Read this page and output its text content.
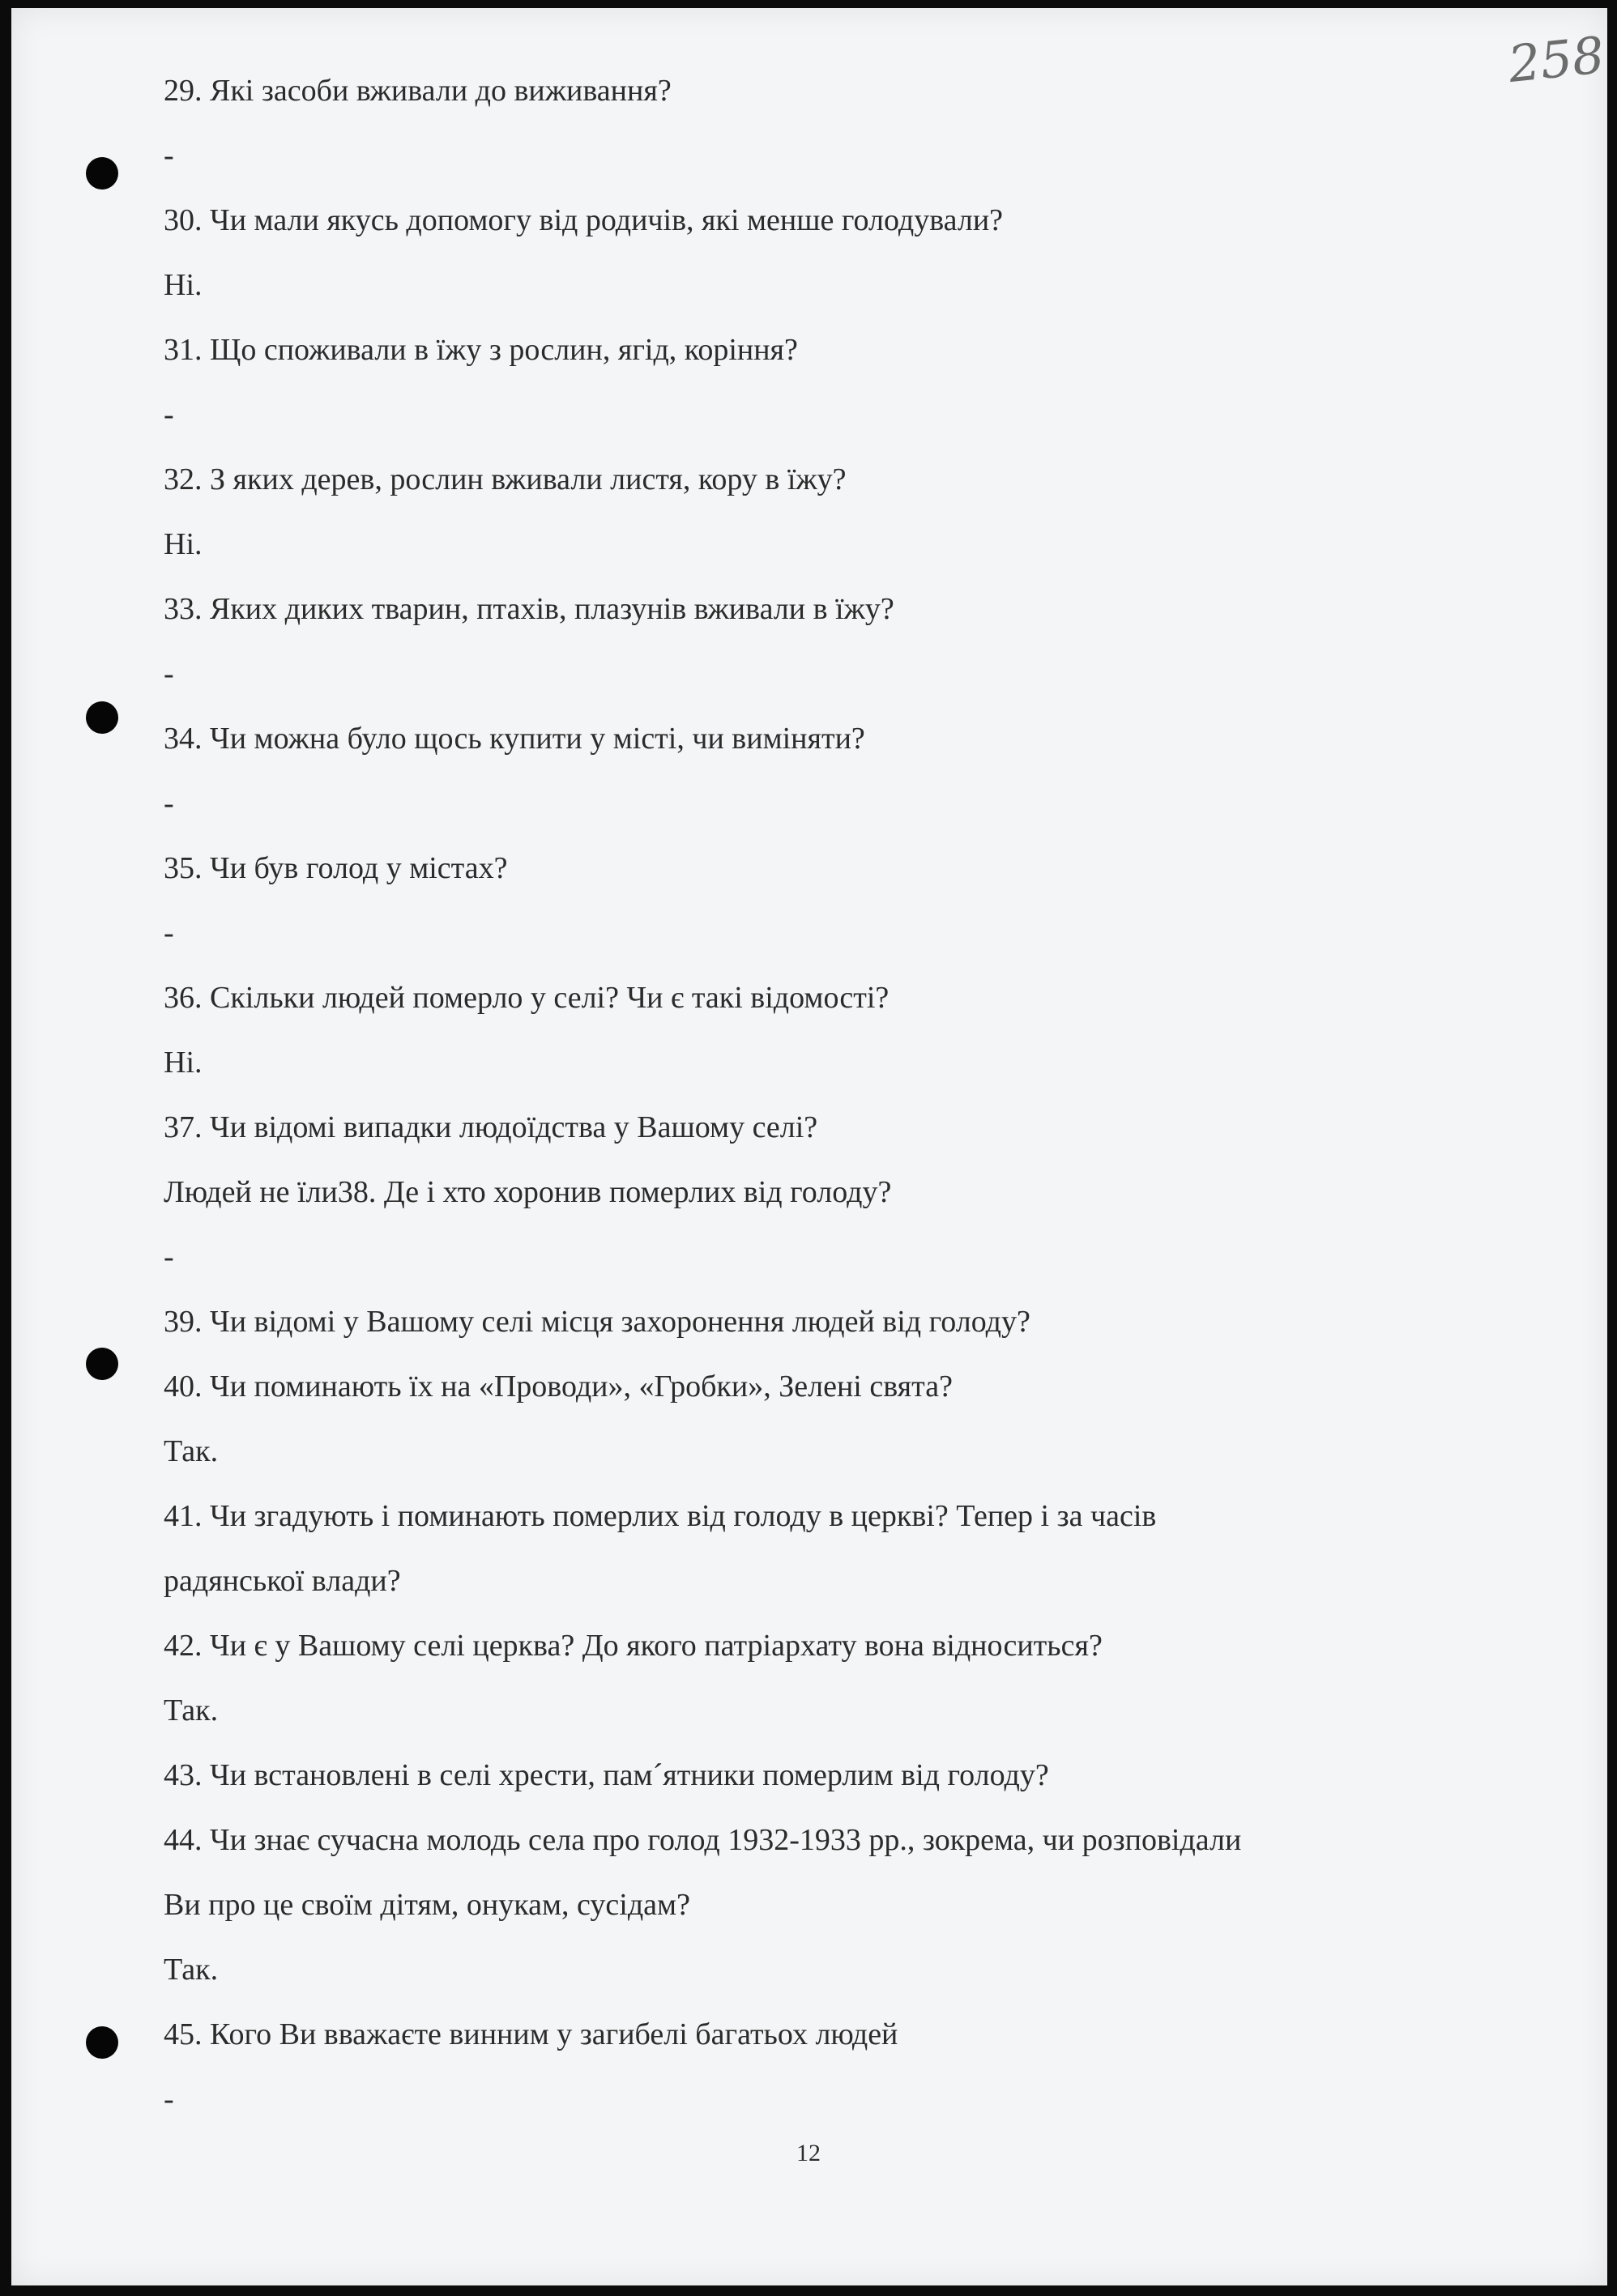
258
29. Які засоби вживали до виживання?
-
30. Чи мали якусь допомогу від родичів, які менше голодували?
Ні.
31. Що споживали в їжу з рослин, ягід, коріння?
-
32. З яких дерев, рослин вживали листя, кору в їжу?
Ні.
33. Яких диких тварин, птахів, плазунів вживали в їжу?
-
34. Чи можна було щось купити у місті, чи виміняти?
-
35. Чи був голод у містах?
-
36. Скільки людей померло у селі? Чи є такі відомості?
Ні.
37. Чи відомі випадки людоїдства у Вашому селі?
Людей не їли38. Де і хто хоронив померлих від голоду?
-
39. Чи відомі у Вашому селі місця захоронення людей від голоду?
40. Чи поминають їх на «Проводи», «Гробки», Зелені свята?
Так.
41. Чи згадують і поминають померлих від голоду в церкві? Тепер і за часів
радянської влади?
42. Чи є у Вашому селі церква? До якого патріархату вона відноситься?
Так.
43. Чи встановлені в селі хрести, пам´ятники померлим від голоду?
44. Чи знає сучасна молодь села про голод 1932-1933 рр., зокрема, чи розповідали
Ви про це своїм дітям, онукам, сусідам?
Так.
45. Кого Ви вважаєте винним у загибелі багатьох людей
-
12
